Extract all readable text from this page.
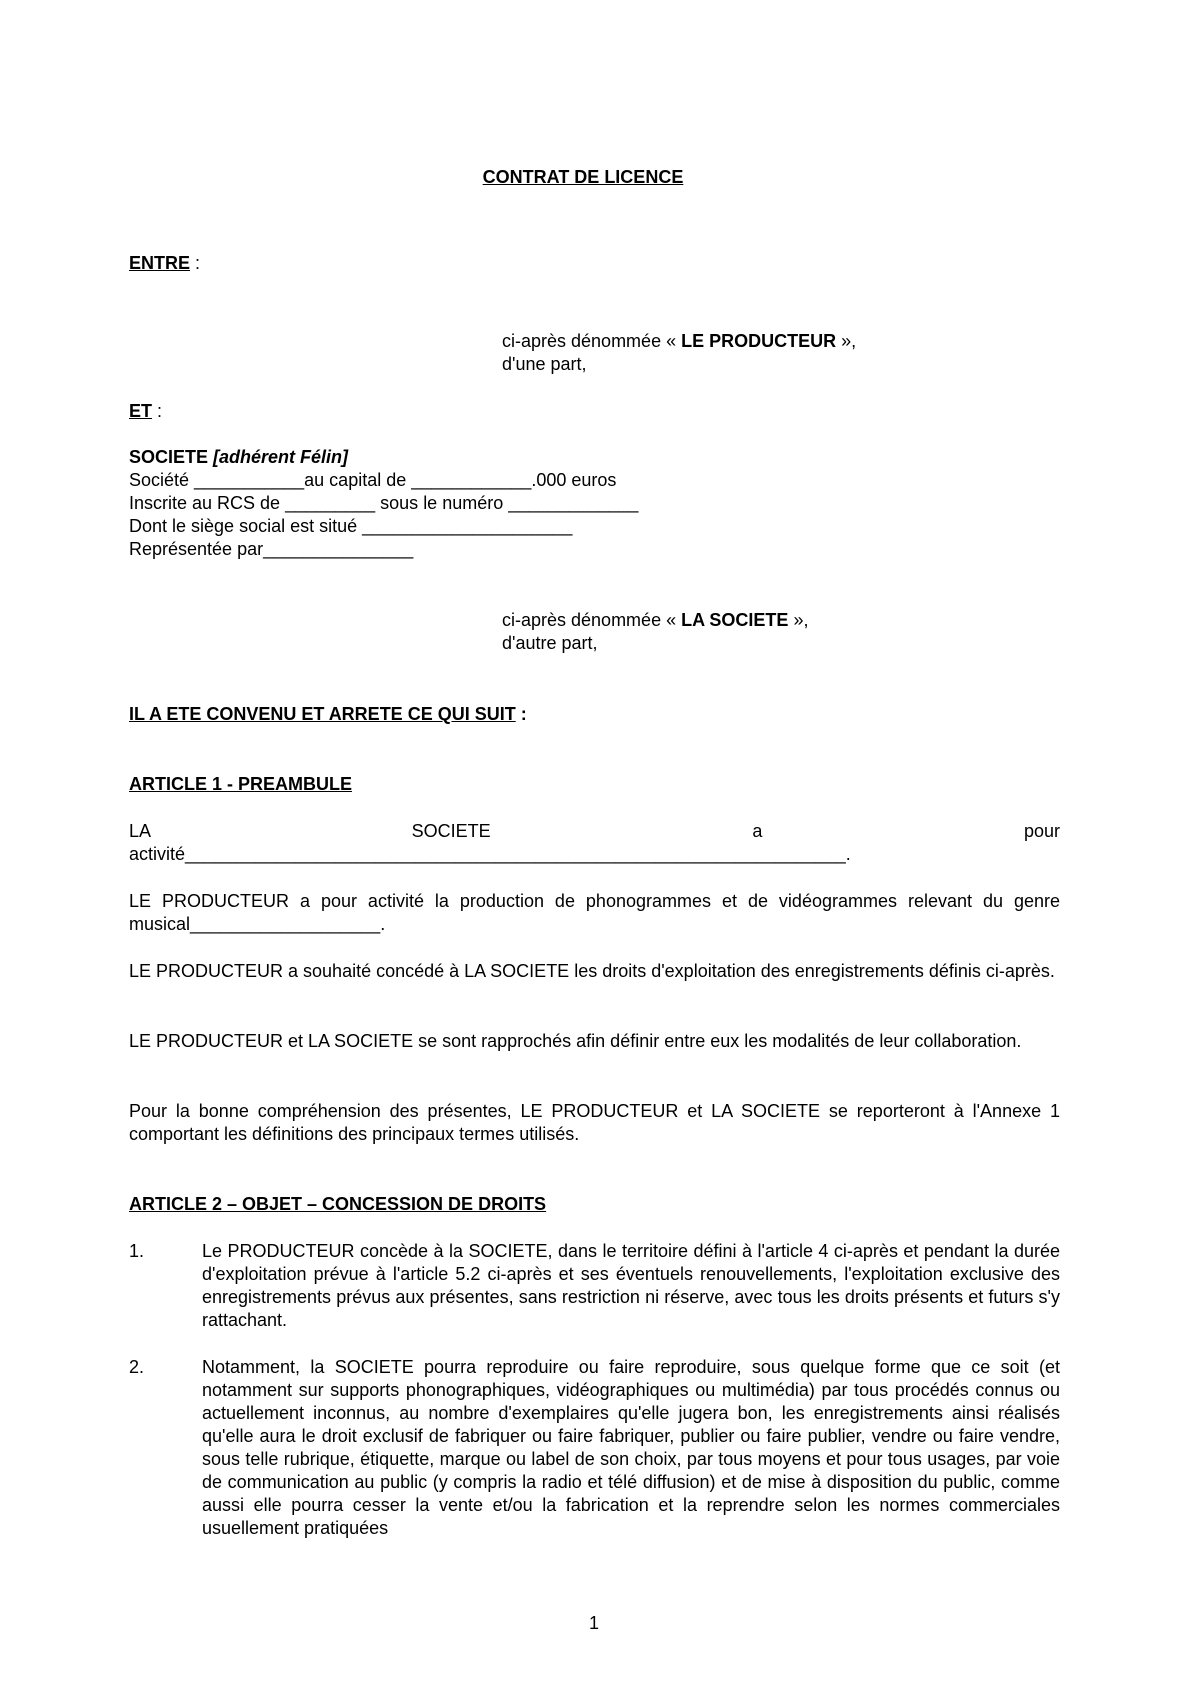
CONTRAT DE LICENCE
ENTRE :
ci-après dénommée « LE PRODUCTEUR »,
d'une part,
ET :
SOCIETE [adhérent Félin]
Société ___________au capital de ____________.000 euros
Inscrite au RCS de _________ sous le numéro _____________
Dont le siège social est situé _____________________
Représentée par_______________
ci-après dénommée « LA SOCIETE »,
d'autre part,
IL A ETE CONVENU ET ARRETE CE QUI SUIT :
ARTICLE 1 - PREAMBULE
LA SOCIETE a pour
activité__________________________________________________________________.
LE PRODUCTEUR a pour activité la production de phonogrammes et de vidéogrammes relevant du genre musical___________________.
LE PRODUCTEUR a souhaité concédé à LA SOCIETE les droits d'exploitation des enregistrements définis ci-après.
LE PRODUCTEUR et LA SOCIETE se sont rapprochés afin définir entre eux les modalités de leur collaboration.
Pour la bonne compréhension des présentes, LE PRODUCTEUR et LA SOCIETE se reporteront à l'Annexe 1 comportant les définitions des principaux termes utilisés.
ARTICLE 2 – OBJET – CONCESSION DE DROITS
1.	Le PRODUCTEUR concède à la SOCIETE, dans le territoire défini à l'article 4 ci-après et pendant la durée d'exploitation prévue à l'article 5.2 ci-après et ses éventuels renouvellements, l'exploitation exclusive des enregistrements prévus aux présentes, sans restriction ni réserve, avec tous les droits présents et futurs s'y rattachant.
2.	Notamment, la SOCIETE pourra reproduire ou faire reproduire, sous quelque forme que ce soit (et notamment sur supports phonographiques, vidéographiques ou multimédia) par tous procédés connus ou actuellement inconnus, au nombre d'exemplaires qu'elle jugera bon, les enregistrements ainsi réalisés qu'elle aura le droit exclusif de fabriquer ou faire fabriquer, publier ou faire publier, vendre ou faire vendre, sous telle rubrique, étiquette, marque ou label de son choix, par tous moyens et pour tous usages, par voie de communication au public (y compris la radio et télé diffusion) et de mise à disposition du public, comme aussi elle pourra cesser la vente et/ou la fabrication et la reprendre selon les normes commerciales usuellement pratiquées
1
